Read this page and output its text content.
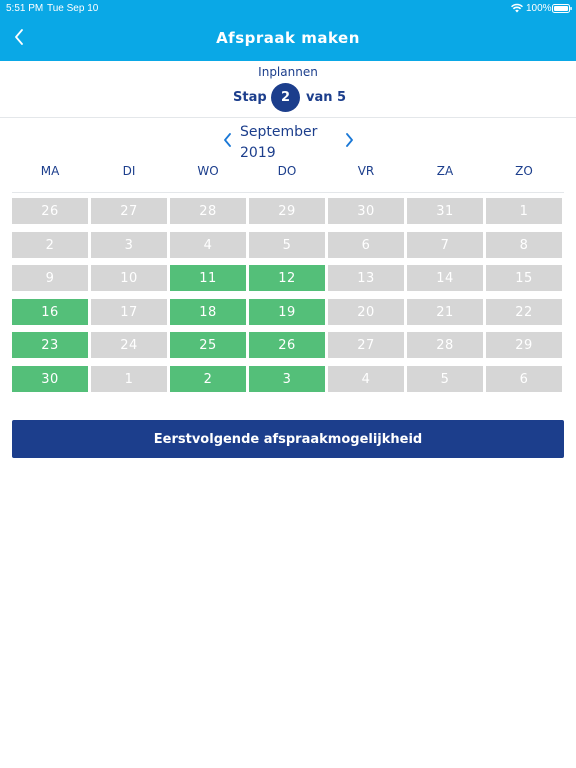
5:51 PM Tue Sep 10	100%
Afspraak maken
Inplannen
Stap	2	van 5
September
2019
MA	DI	WO	DO	VR	ZA	ZO
26	27	28	29	30	31	1
2	3	4	5	6	7	8
9	10	11	12	13	14	15
16	17	18	19	20	21	22
23	24	25	26	27	28	29
30	1	2	3	4	5	6
Eerstvolgende afspraakmogelijkheid
